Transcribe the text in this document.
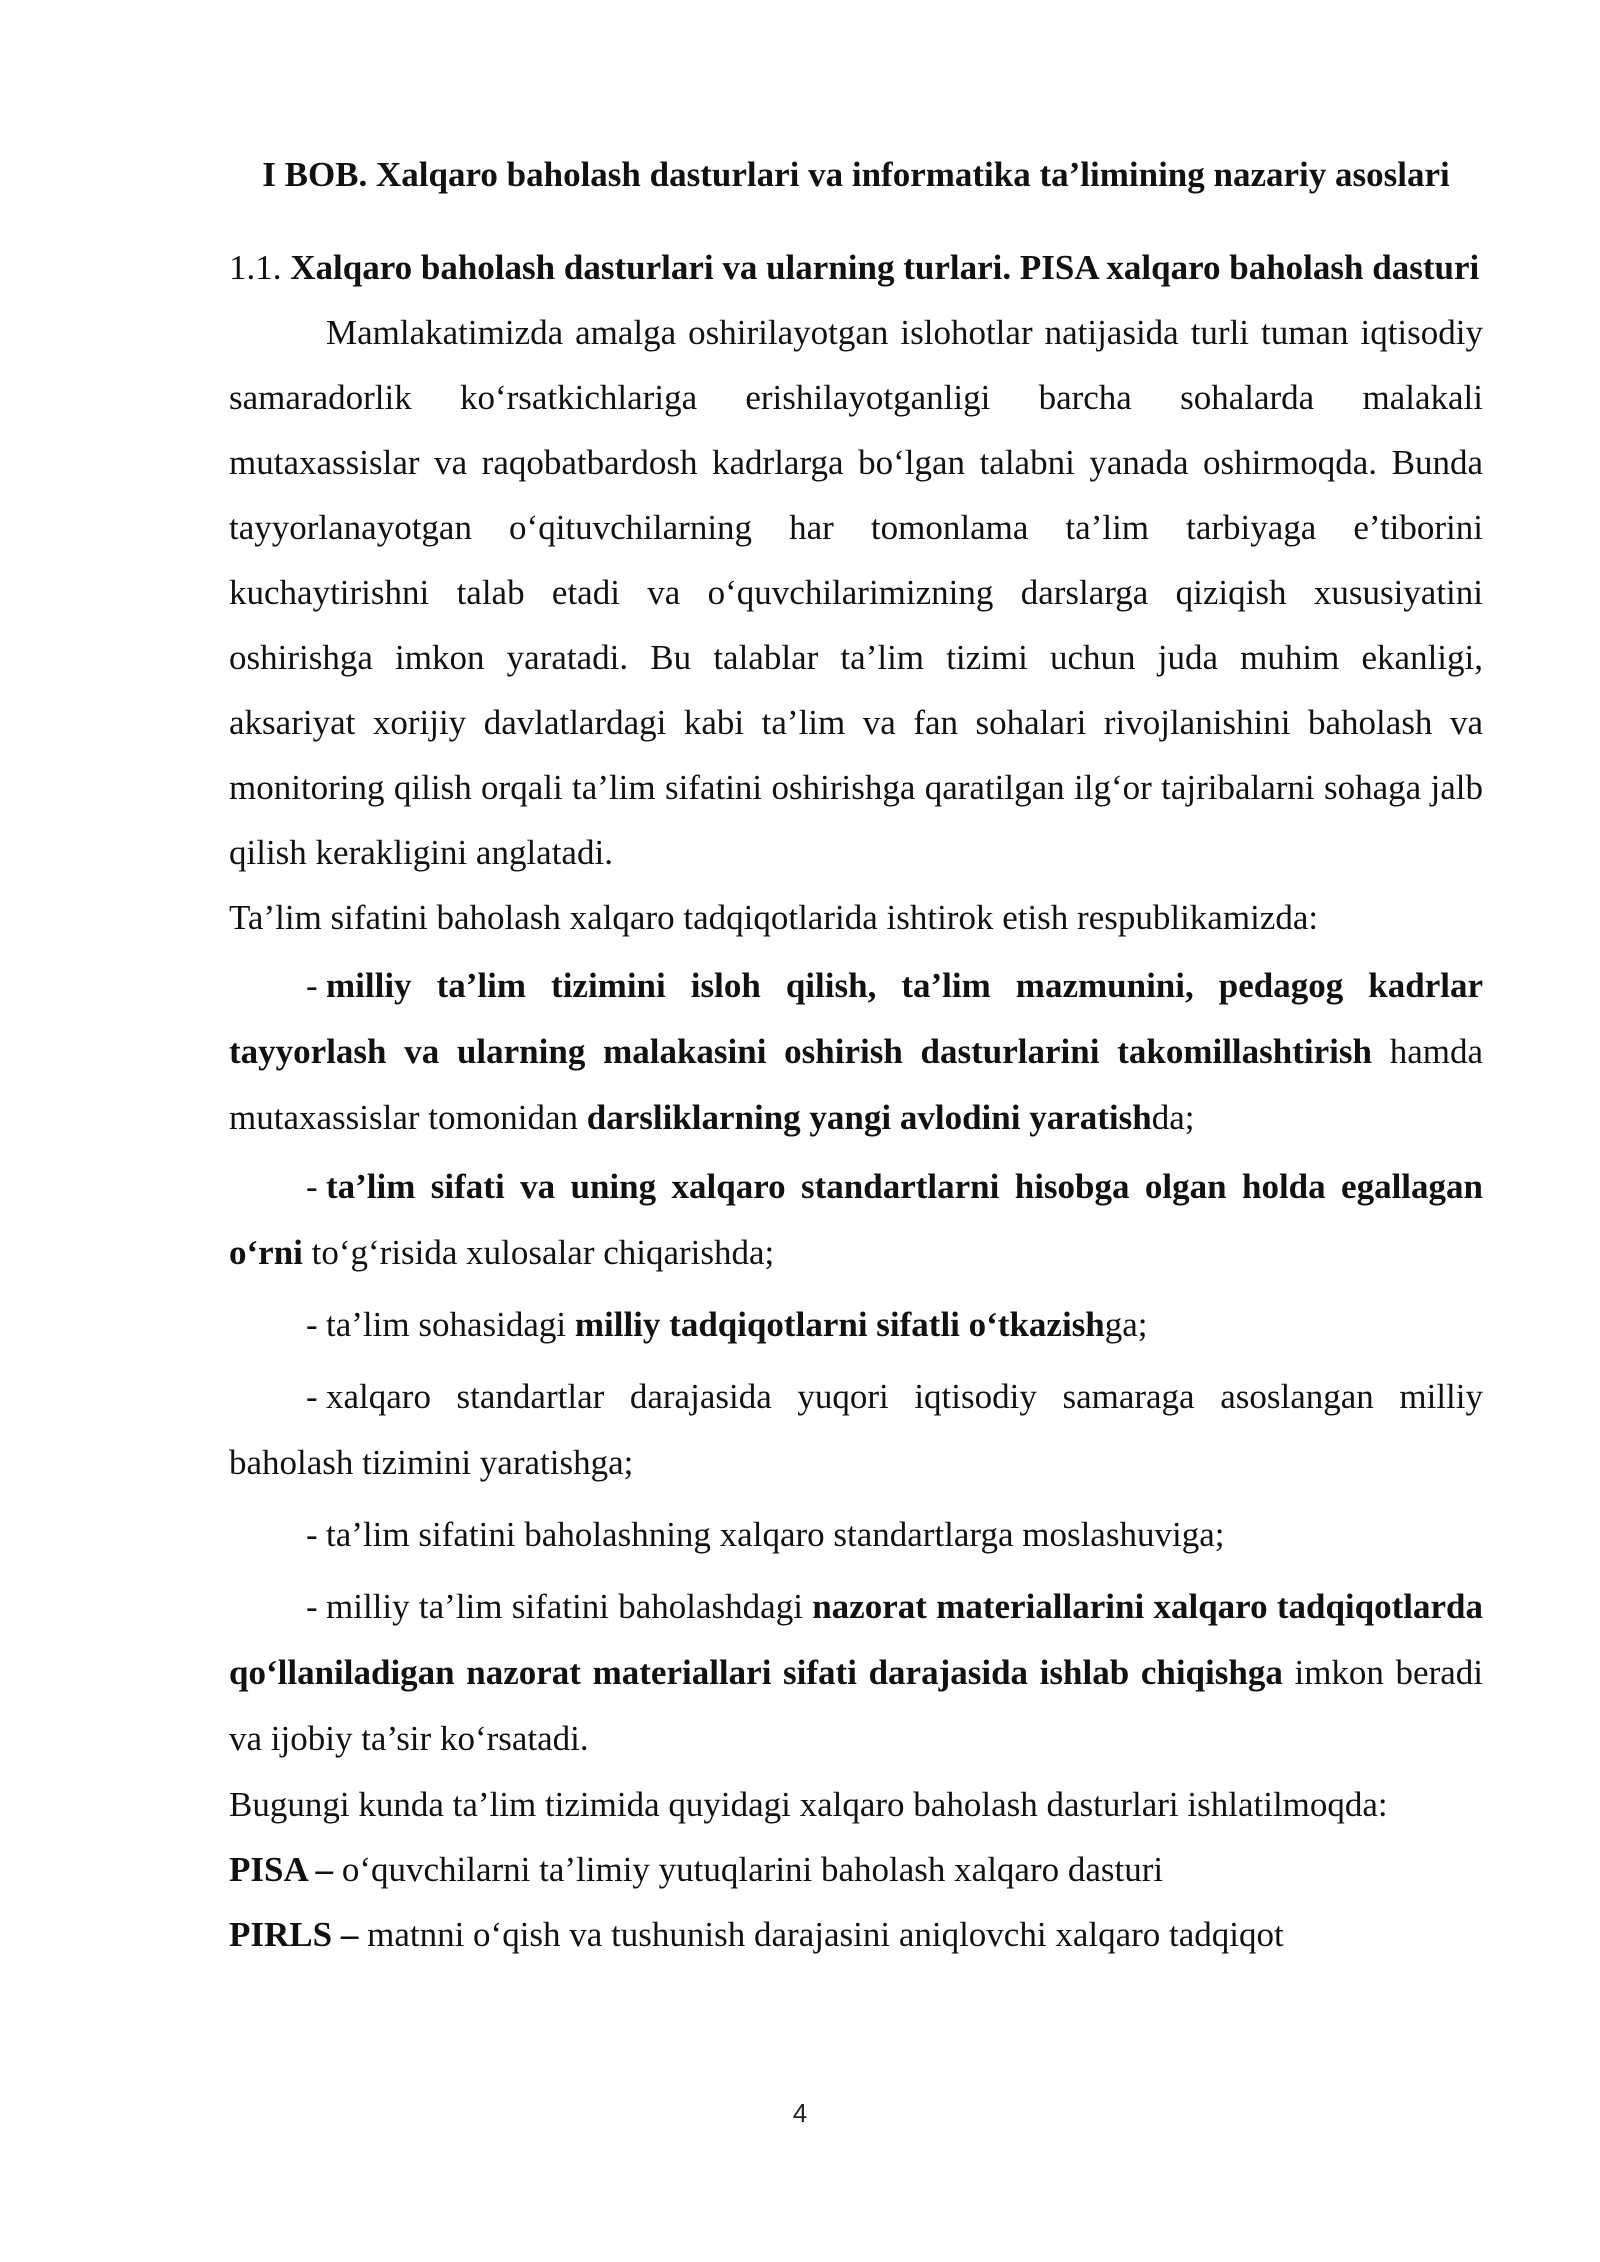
I BOB. Xalqaro baholash dasturlari va informatika ta’limining nazariy asoslari
1.1. Xalqaro baholash dasturlari va ularning turlari. PISA xalqaro baholash dasturi

Mamlakatimizda amalga oshirilayotgan islohotlar natijasida turli tuman iqtisodiy samaradorlik ko‘rsatkichlariga erishilayotganligi barcha sohalarda malakali mutaxassislar va raqobatbardosh kadrlarga bo‘lgan talabni yanada oshirmoqda. Bunda tayyorlanayotgan o‘qituvchilarning har tomonlama ta’lim tarbiyaga e’tiborini kuchaytirishni talab etadi va o‘quvchilarimizning darslarga qiziqish xususiyatini oshirishga imkon yaratadi. Bu talablar ta’lim tizimi uchun juda muhim ekanligi, aksariyat xorijiy davlatlardagi kabi ta’lim va fan sohalari rivojlanishini baholash va monitoring qilish orqali ta’lim sifatini oshirishga qaratilgan ilg‘or tajribalarni sohaga jalb qilish kerakligini anglatadi.

Ta’lim sifatini baholash xalqaro tadqiqotlarida ishtirok etish respublikamizda:

- milliy ta’lim tizimini isloh qilish, ta’lim mazmunini, pedagog kadrlar tayyorlash va ularning malakasini oshirish dasturlarini takomillashtirish hamda mutaxassislar tomonidan darsliklarning yangi avlodini yaratishda;

- ta’lim sifati va uning xalqaro standartlarni hisobga olgan holda egallagan o‘rni to‘g‘risida xulosalar chiqarishda;

- ta’lim sohasidagi milliy tadqiqotlarni sifatli o‘tkazishga;

- xalqaro standartlar darajasida yuqori iqtisodiy samaraga asoslangan milliy baholash tizimini yaratishga;

- ta’lim sifatini baholashning xalqaro standartlarga moslashuviga;

- milliy ta’lim sifatini baholashdagi nazorat materiallarini xalqaro tadqiqotlarda qo‘llaniladigan nazorat materiallari sifati darajasida ishlab chiqishga imkon beradi va ijobiy ta’sir ko‘rsatadi.

Bugungi kunda ta’lim tizimida quyidagi xalqaro baholash dasturlari ishlatilmoqda:

PISA – o‘quvchilarni ta’limiy yutuqlarini baholash xalqaro dasturi

PIRLS – matnni o‘qish va tushunish darajasini aniqlovchi xalqaro tadqiqot

4
